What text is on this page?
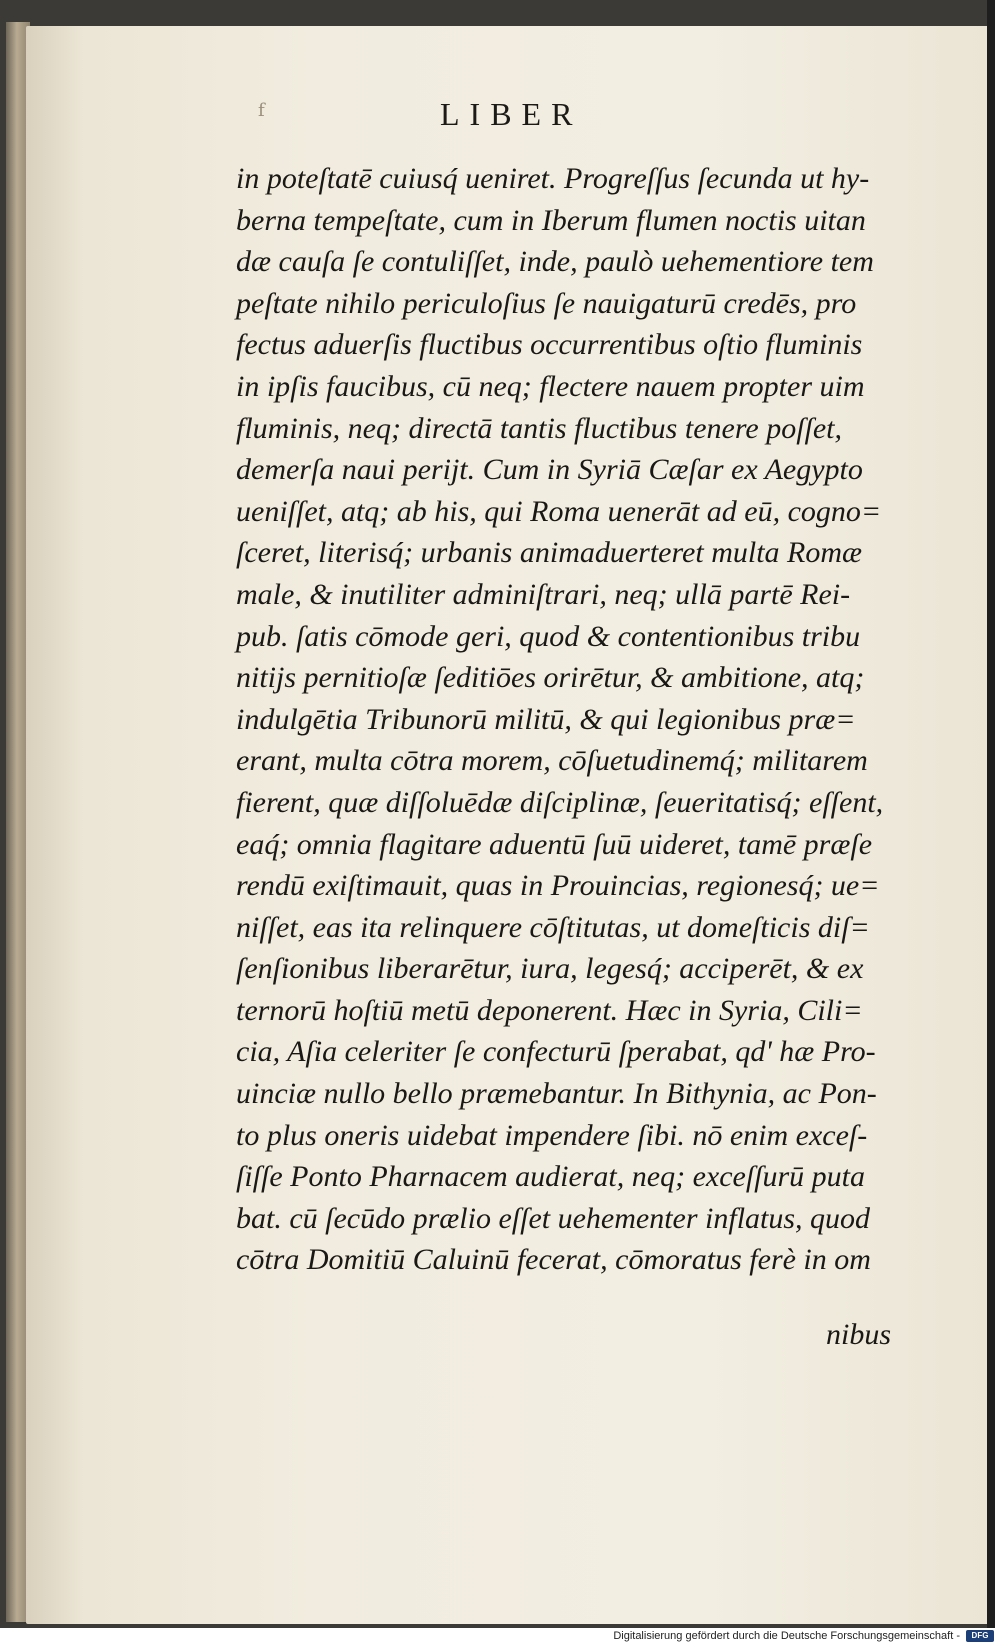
f	LIBER
in poteſtatē cuiusq́ ueniret. Progreſſus ſecunda ut hy-
berna tempeſtate, cum in Iberum flumen noctis uitan
dæ cauſa ſe contuliſſet, inde, paulò uehementiore tem
peſtate nihilo periculoſius ſe nauigaturū credēs, pro
fectus aduerſis fluctibus occurrentibus oſtio fluminis
in ipſis faucibus, cū neq; flectere nauem propter uim
fluminis, neq; directā tantis fluctibus tenere poſſet,
demerſa naui perijt. Cum in Syriā Cæſar ex Aegypto
ueniſſet, atq; ab his, qui Roma uenerāt ad eū, cogno=
ſceret, literisq́; urbanis animaduerteret multa Romæ
male, & inutiliter adminiſtrari, neq; ullā partē Rei-
pub. ſatis cōmode geri, quod & contentionibus tribu
nitijs pernitioſæ ſeditiōes orirētur, & ambitione, atq;
indulgētia Tribunorū militū, & qui legionibus præ=
erant, multa cōtra morem, cōſuetudinemq́; militarem
fierent, quæ diſſoluēdæ diſciplinæ, ſeueritatisq́; eſſent,
eaq́; omnia flagitare aduentū ſuū uideret, tamē præſe
rendū exiſtimauit, quas in Prouincias, regionesq́; ue=
niſſet, eas ita relinquere cōſtitutas, ut domeſticis diſ=
ſenſionibus liberarētur, iura, legesq́; acciperēt, & ex
ternorū hoſtiū metū deponerent. Hæc in Syria, Cili=
cia, Aſia celeriter ſe confecturū ſperabat, qd' hæ Pro-
uinciæ nullo bello præmebantur. In Bithynia, ac Pon-
to plus oneris uidebat impendere ſibi. nō enim exceſ-
ſiſſe Ponto Pharnacem audierat, neq; exceſſurū puta
bat. cū ſecūdo prælio eſſet uehementer inflatus, quod
cōtra Domitiū Caluinū fecerat, cōmoratus ferè in om
nibus
Digitalisierung gefördert durch die Deutsche Forschungsgemeinschaft -	DFG
